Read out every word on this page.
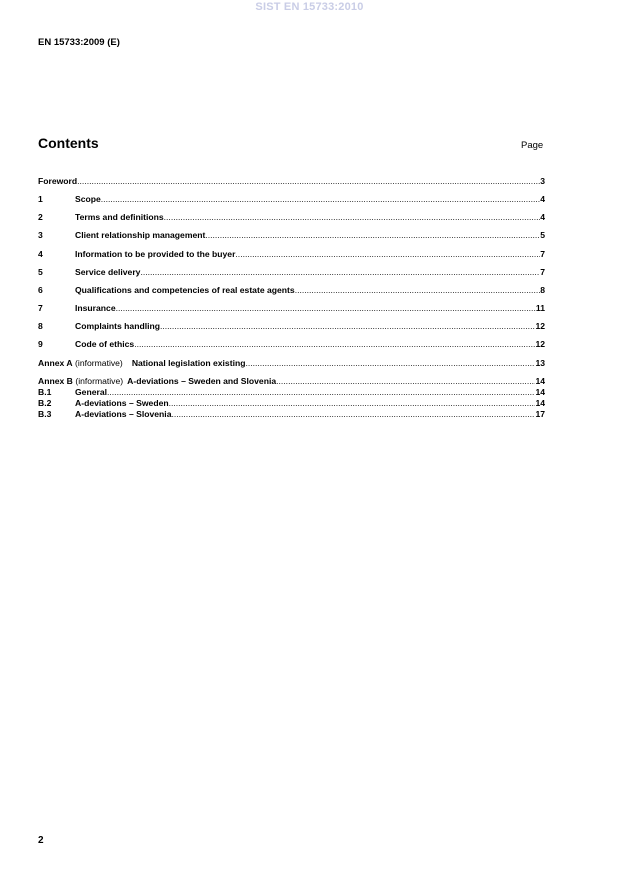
SIST EN 15733:2010
EN 15733:2009 (E)
Contents	Page
Foreword .....	3
1	Scope .....	4
2	Terms and definitions .....	4
3	Client relationship management .....	5
4	Information to be provided to the buyer .....	7
5	Service delivery .....	7
6	Qualifications and competencies of real estate agents .....	8
7	Insurance .....	11
8	Complaints handling .....	12
9	Code of ethics .....	12
Annex A (informative) National legislation existing .....	13
Annex B (informative) A-deviations – Sweden and Slovenia .....	14
B.1	General .....	14
B.2	A-deviations – Sweden .....	14
B.3	A-deviations – Slovenia .....	17
2
